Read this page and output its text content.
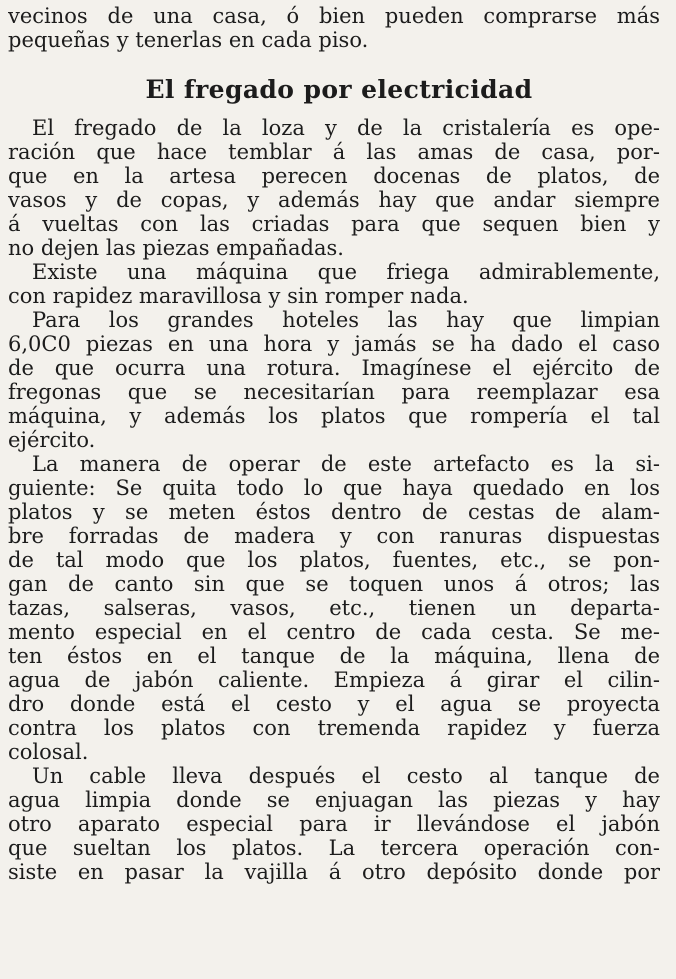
vecinos de una casa, ó bien pueden comprarse más
pequeñas y tenerlas en cada piso.
El fregado por electricidad
El fregado de la loza y de la cristalería es ope-
ración que hace temblar á las amas de casa, por-
que en la artesa perecen docenas de platos, de
vasos y de copas, y además hay que andar siempre
á vueltas con las criadas para que sequen bien y
no dejen las piezas empañadas.
Existe una máquina que friega admirablemente,
con rapidez maravillosa y sin romper nada.
Para los grandes hoteles las hay que limpian
6,0C0 piezas en una hora y jamás se ha dado el caso
de que ocurra una rotura. Imagínese el ejército de
fregonas que se necesitarían para reemplazar esa
máquina, y además los platos que rompería el tal
ejército.
La manera de operar de este artefacto es la si-
guiente: Se quita todo lo que haya quedado en los
platos y se meten éstos dentro de cestas de alam-
bre forradas de madera y con ranuras dispuestas
de tal modo que los platos, fuentes, etc., se pon-
gan de canto sin que se toquen unos á otros; las
tazas, salseras, vasos, etc., tienen un departa-
mento especial en el centro de cada cesta. Se me-
ten éstos en el tanque de la máquina, llena de
agua de jabón caliente. Empieza á girar el cilin-
dro donde está el cesto y el agua se proyecta
contra los platos con tremenda rapidez y fuerza
colosal.
Un cable lleva después el cesto al tanque de
agua limpia donde se enjuagan las piezas y hay
otro aparato especial para ir llevándose el jabón
que sueltan los platos. La tercera operación con-
siste en pasar la vajilla á otro depósito donde por
